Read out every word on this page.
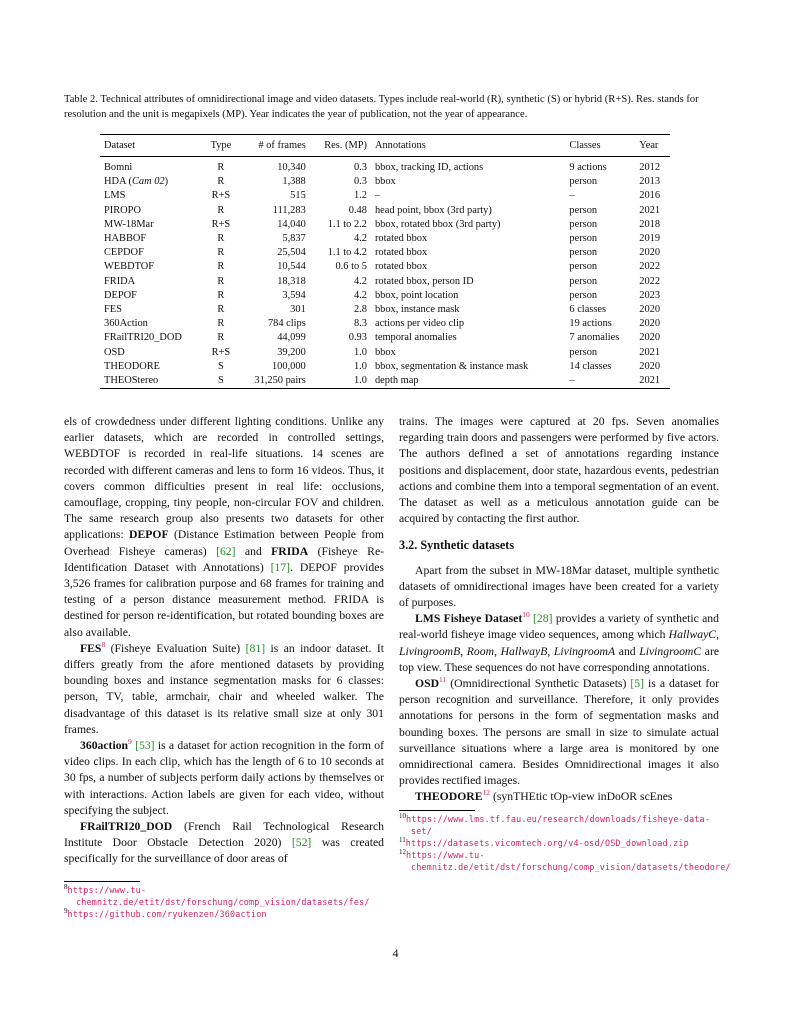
Table 2. Technical attributes of omnidirectional image and video datasets. Types include real-world (R), synthetic (S) or hybrid (R+S). Res. stands for resolution and the unit is megapixels (MP). Year indicates the year of publication, not the year of appearance.
Dataset	Type	# of frames	Res. (MP)	Annotations	Classes	Year
Bomni	R	10,340	0.3	bbox, tracking ID, actions	9 actions	2012
HDA (Cam 02)	R	1,388	0.3	bbox	person	2013
LMS	R+S	515	1.2	–	–	2016
PIROPO	R	111,283	0.48	head point, bbox (3rd party)	person	2021
MW-18Mar	R+S	14,040	1.1 to 2.2	bbox, rotated bbox (3rd party)	person	2018
HABBOF	R	5,837	4.2	rotated bbox	person	2019
CEPDOF	R	25,504	1.1 to 4.2	rotated bbox	person	2020
WEBDTOF	R	10,544	0.6 to 5	rotated bbox	person	2022
FRIDA	R	18,318	4.2	rotated bbox, person ID	person	2022
DEPOF	R	3,594	4.2	bbox, point location	person	2023
FES	R	301	2.8	bbox, instance mask	6 classes	2020
360Action	R	784 clips	8.3	actions per video clip	19 actions	2020
FRailTRI20_DOD	R	44,099	0.93	temporal anomalies	7 anomalies	2020
OSD	R+S	39,200	1.0	bbox	person	2021
THEODORE	S	100,000	1.0	bbox, segmentation & instance mask	14 classes	2020
THEOStereo	S	31,250 pairs	1.0	depth map	–	2021

els of crowdedness under different lighting conditions. Unlike any earlier datasets, which are recorded in controlled settings, WEBDTOF is recorded in real-life situations. 14 scenes are recorded with different cameras and lens to form 16 videos. Thus, it covers common difficulties present in real life: occlusions, camouflage, cropping, tiny people, non-circular FOV and children. The same research group also presents two datasets for other applications: DEPOF (Distance Estimation between People from Overhead Fisheye cameras) [62] and FRIDA (Fisheye Re-Identification Dataset with Annotations) [17]. DEPOF provides 3,526 frames for calibration purpose and 68 frames for training and testing of a person distance measurement method. FRIDA is destined for person re-identification, but rotated bounding boxes are also available.

FES$^8$ (Fisheye Evaluation Suite) [81] is an indoor dataset. It differs greatly from the afore mentioned datasets by providing bounding boxes and instance segmentation masks for 6 classes: person, TV, table, armchair, chair and wheeled walker. The disadvantage of this dataset is its relative small size at only 301 frames.

360action$^9$ [53] is a dataset for action recognition in the form of video clips. In each clip, which has the length of 6 to 10 seconds at 30 fps, a number of subjects perform daily actions by themselves or with interactions. Action labels are given for each video, without specifying the subject.

FRailTRI20_DOD (French Rail Technological Research Institute Door Obstacle Detection 2020) [52] was created specifically for the surveillance of door areas of

$^8$https://www.tu-chemnitz.de/etit/dst/forschung/comp_vision/datasets/fes/
$^9$https://github.com/ryukenzen/360action

trains. The images were captured at 20 fps. Seven anomalies regarding train doors and passengers were performed by five actors. The authors defined a set of annotations regarding instance positions and displacement, door state, hazardous events, pedestrian actions and combine them into a temporal segmentation of an event. The dataset as well as a meticulous annotation guide can be acquired by contacting the first author.

3.2. Synthetic datasets

Apart from the subset in MW-18Mar dataset, multiple synthetic datasets of omnidirectional images have been created for a variety of purposes.

LMS Fisheye Dataset$^{10}$ [28] provides a variety of synthetic and real-world fisheye image video sequences, among which HallwayC, LivingroomB, Room, HallwayB, LivingroomA and LivingroomC are top view. These sequences do not have corresponding annotations.

OSD$^{11}$ (Omnidirectional Synthetic Datasets) [5] is a dataset for person recognition and surveillance. Therefore, it only provides annotations for persons in the form of segmentation masks and bounding boxes. The persons are small in size to simulate actual surveillance situations where a large area is monitored by one omnidirectional camera. Besides Omnidirectional images it also provides rectified images.

THEODORE$^{12}$ (synTHEtic tOp-view inDoOR scEnes

$^{10}$https://www.lms.tf.fau.eu/research/downloads/fisheye-data-set/
$^{11}$https://datasets.vicomtech.org/v4-osd/OSD_download.zip
$^{12}$https://www.tu-chemnitz.de/etit/dst/forschung/comp_vision/datasets/theodore/
4
